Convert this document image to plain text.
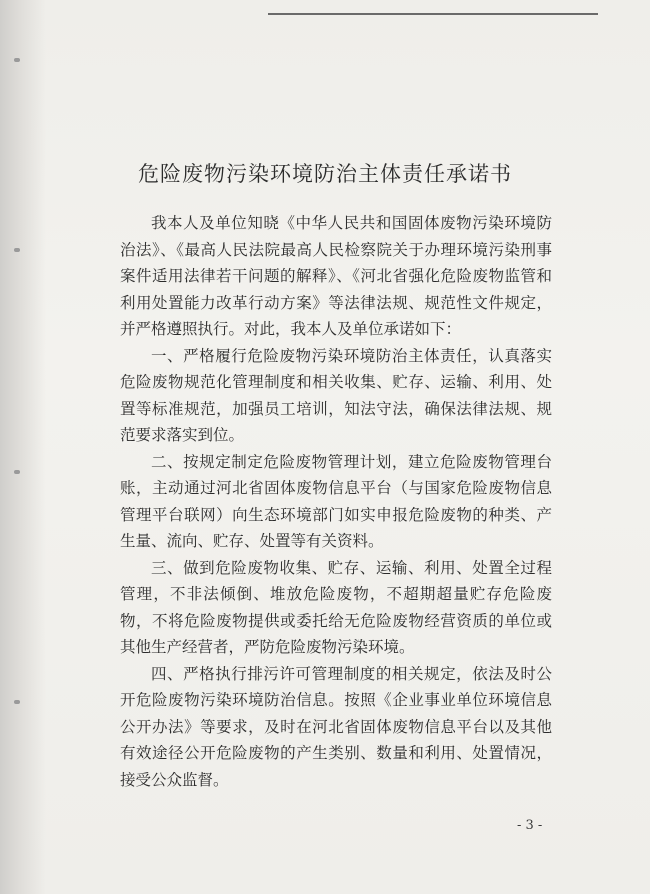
危险废物污染环境防治主体责任承诺书

我本人及单位知晓《中华人民共和国固体废物污染环境防治法》、《最高人民法院最高人民检察院关于办理环境污染刑事案件适用法律若干问题的解释》、《河北省强化危险废物监管和利用处置能力改革行动方案》等法律法规、规范性文件规定，并严格遵照执行。对此，我本人及单位承诺如下：

一、严格履行危险废物污染环境防治主体责任，认真落实危险废物规范化管理制度和相关收集、贮存、运输、利用、处置等标准规范，加强员工培训，知法守法，确保法律法规、规范要求落实到位。

二、按规定制定危险废物管理计划，建立危险废物管理台账，主动通过河北省固体废物信息平台（与国家危险废物信息管理平台联网）向生态环境部门如实申报危险废物的种类、产生量、流向、贮存、处置等有关资料。

三、做到危险废物收集、贮存、运输、利用、处置全过程管理，不非法倾倒、堆放危险废物，不超期超量贮存危险废物，不将危险废物提供或委托给无危险废物经营资质的单位或其他生产经营者，严防危险废物污染环境。

四、严格执行排污许可管理制度的相关规定，依法及时公开危险废物污染环境防治信息。按照《企业事业单位环境信息公开办法》等要求，及时在河北省固体废物信息平台以及其他有效途径公开危险废物的产生类别、数量和利用、处置情况，接受公众监督。

- 3 -
